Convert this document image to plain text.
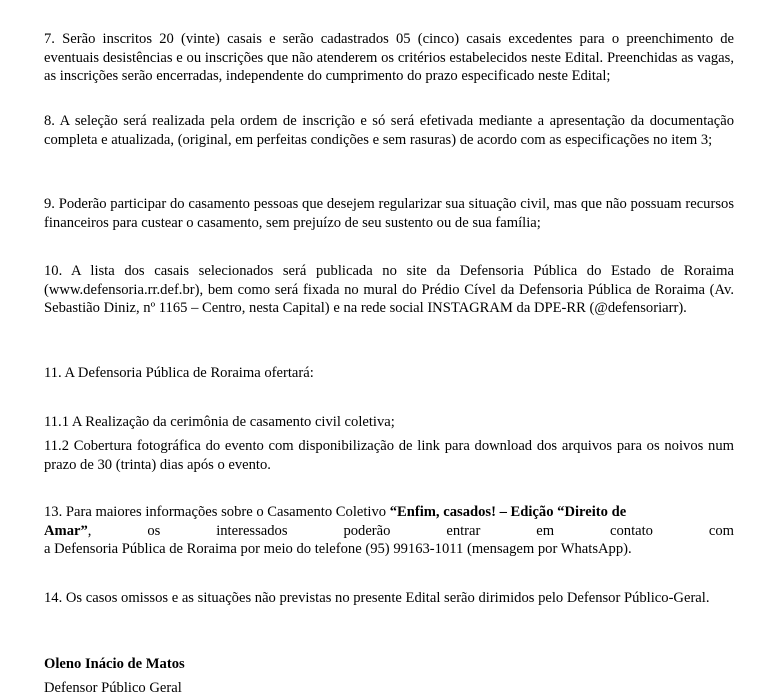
7. Serão inscritos 20 (vinte) casais e serão cadastrados 05 (cinco) casais excedentes para o preenchimento de eventuais desistências e ou inscrições que não atenderem os critérios estabelecidos neste Edital. Preenchidas as vagas, as inscrições serão encerradas, independente do cumprimento do prazo especificado neste Edital;

8. A seleção será realizada pela ordem de inscrição e só será efetivada mediante a apresentação da documentação completa e atualizada, (original, em perfeitas condições e sem rasuras) de acordo com as especificações no item 3;

9. Poderão participar do casamento pessoas que desejem regularizar sua situação civil, mas que não possuam recursos financeiros para custear o casamento, sem prejuízo de seu sustento ou de sua família;

10. A lista dos casais selecionados será publicada no site da Defensoria Pública do Estado de Roraima (www.defensoria.rr.def.br), bem como será fixada no mural do Prédio Cível da Defensoria Pública de Roraima (Av. Sebastião Diniz, nº 1165 – Centro, nesta Capital) e na rede social INSTAGRAM da DPE-RR (@defensoriarr).

11. A Defensoria Pública de Roraima ofertará:

11.1 A Realização da cerimônia de casamento civil coletiva;

11.2 Cobertura fotográfica do evento com disponibilização de link para download dos arquivos para os noivos num prazo de 30 (trinta) dias após o evento.

13. Para maiores informações sobre o Casamento Coletivo “Enfim, casados! – Edição “Direito de
Amar”,	os	interessados	poderão	entrar	em	contato	com
a Defensoria Pública de Roraima por meio do telefone (95) 99163-1011 (mensagem por WhatsApp).

14. Os casos omissos e as situações não previstas no presente Edital serão dirimidos pelo Defensor Público-Geral.

Oleno Inácio de Matos
Defensor Público Geral
